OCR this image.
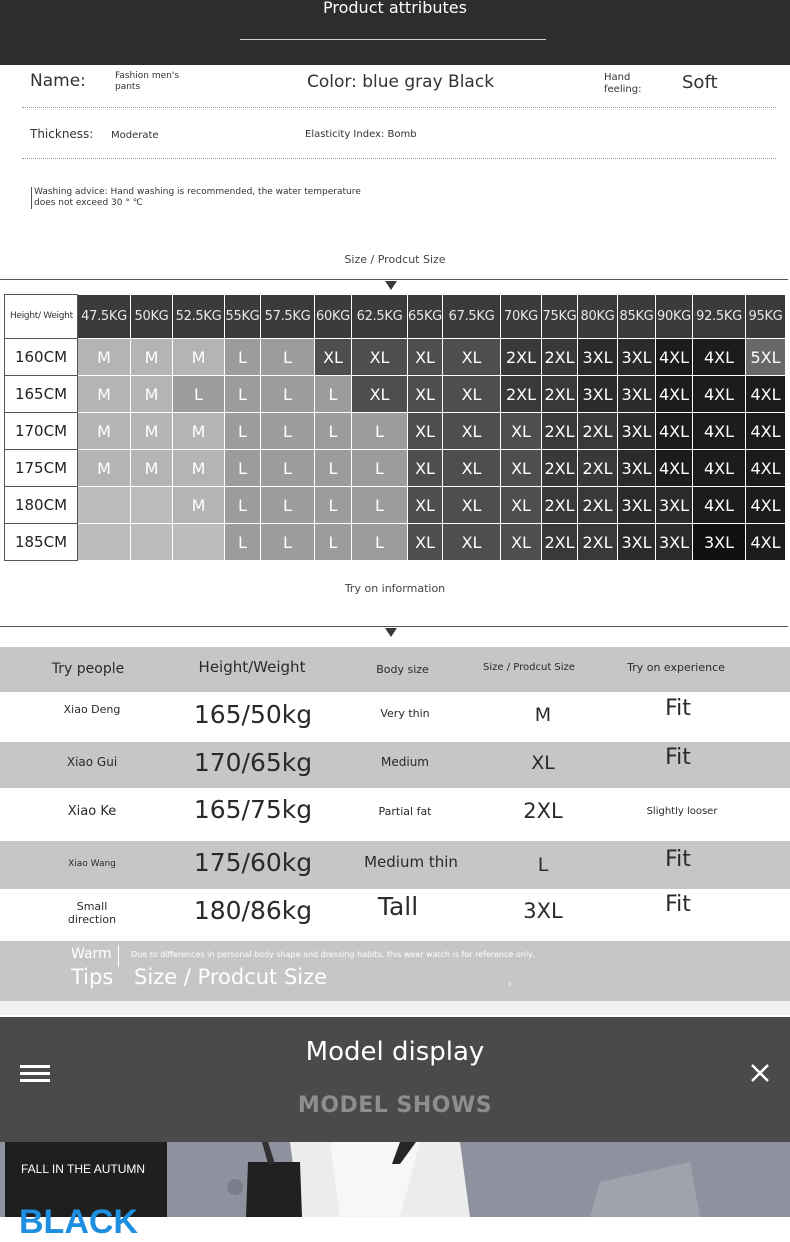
Product attributes
Name:	Fashion men's pants	Color: blue gray Black	Hand feeling:	Soft
Thickness: Moderate	Elasticity Index: Bomb
Washing advice: Hand washing is recommended, the water temperature does not exceed 30 ° ℃
Size / Prodcut Size
Height/ Weight	47.5KG	50KG	52.5KG	55KG	57.5KG	60KG	62.5KG	65KG	67.5KG	70KG	75KG	80KG	85KG	90KG	92.5KG	95KG
160CM	M	M	M	L	L	XL	XL	XL	XL	2XL	2XL	3XL	3XL	4XL	4XL	5XL
165CM	M	M	L	L	L	L	XL	XL	XL	2XL	2XL	3XL	3XL	4XL	4XL	4XL
170CM	M	M	M	L	L	L	L	XL	XL	XL	2XL	2XL	3XL	4XL	4XL	4XL
175CM	M	M	M	L	L	L	L	XL	XL	XL	2XL	2XL	3XL	4XL	4XL	4XL
180CM			M	L	L	L	L	XL	XL	XL	2XL	2XL	3XL	3XL	4XL	4XL
185CM				L	L	L	L	XL	XL	XL	2XL	2XL	3XL	3XL	3XL	4XL
Try on information
Try people	Height/Weight	Body size	Size / Prodcut Size	Try on experience
Xiao Deng	165/50kg	Very thin	M	Fit
Xiao Gui	170/65kg	Medium	XL	Fit
Xiao Ke	165/75kg	Partial fat	2XL	Slightly looser
Xiao Wang	175/60kg	Medium thin	L	Fit
Small direction	180/86kg	Tall	3XL	Fit
Warm
Tips
Due to differences in personal body shape and dressing habits, this wear watch is for reference only,
Size / Prodcut Size	›
Model display
MODEL SHOWS
FALL IN THE AUTUMN
BLACK
